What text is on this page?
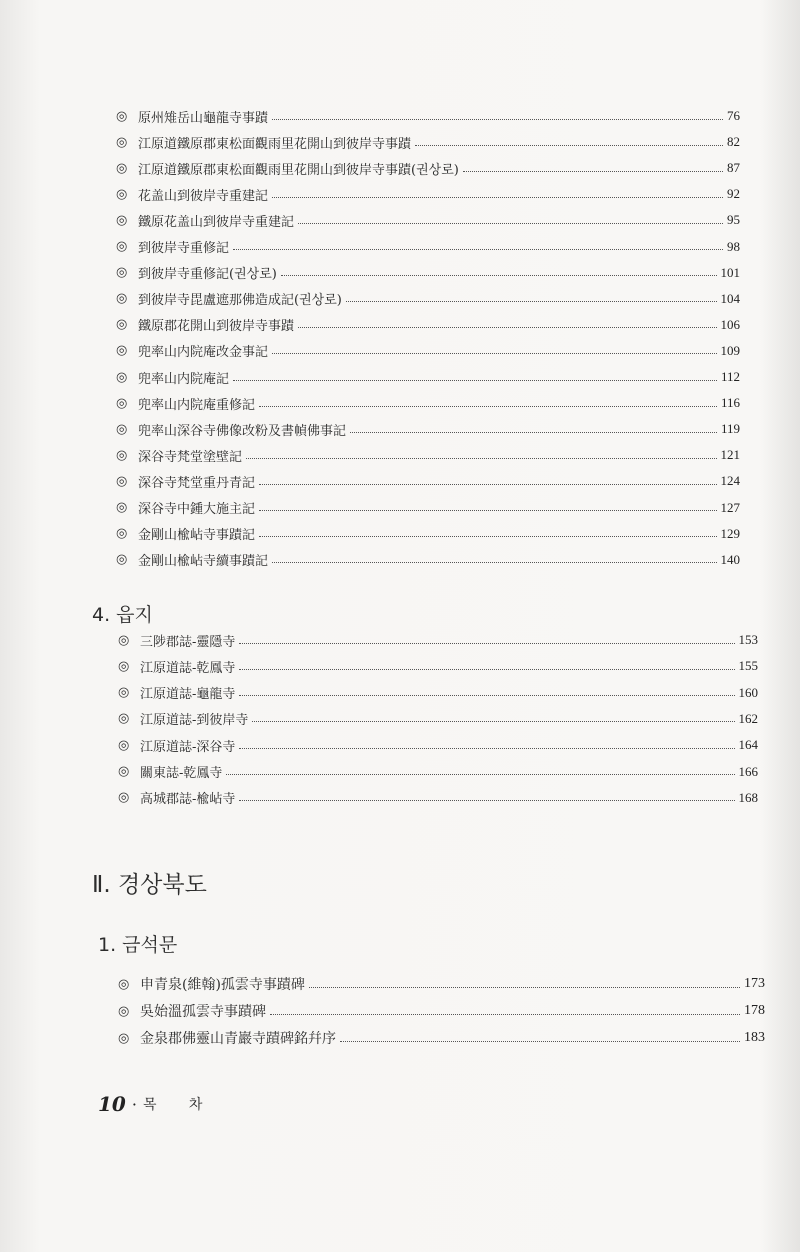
◎ 原州雉岳山龜龍寺事蹟	76
◎ 江原道鐵原郡東松面觀雨里花開山到彼岸寺事蹟	82
◎ 江原道鐵原郡東松面觀雨里花開山到彼岸寺事蹟(권상로)	87
◎ 花盖山到彼岸寺重建記	92
◎ 鐵原花盖山到彼岸寺重建記	95
◎ 到彼岸寺重修記	98
◎ 到彼岸寺重修記(권상로)	101
◎ 到彼岸寺毘盧遮那佛造成記(권상로)	104
◎ 鐵原郡花開山到彼岸寺事蹟	106
◎ 兜率山内院庵改金事記	109
◎ 兜率山内院庵記	112
◎ 兜率山内院庵重修記	116
◎ 兜率山深谷寺佛像改粉及書幀佛事記	119
◎ 深谷寺梵堂塗壁記	121
◎ 深谷寺梵堂重丹青記	124
◎ 深谷寺中鍾大施主記	127
◎ 金剛山楡岾寺事蹟記	129
◎ 金剛山楡岾寺續事蹟記	140
4. 읍지
◎ 三陟郡誌-靈隱寺	153
◎ 江原道誌-乾鳳寺	155
◎ 江原道誌-龜龍寺	160
◎ 江原道誌-到彼岸寺	162
◎ 江原道誌-深谷寺	164
◎ 關東誌-乾鳳寺	166
◎ 高城郡誌-楡岾寺	168
Ⅱ. 경상북도
1. 금석문
◎ 申青泉(維翰)孤雲寺事蹟碑	173
◎ 吳始溫孤雲寺事蹟碑	178
◎ 金泉郡佛靈山青巖寺蹟碑銘幷序	183
10 · 목 차
